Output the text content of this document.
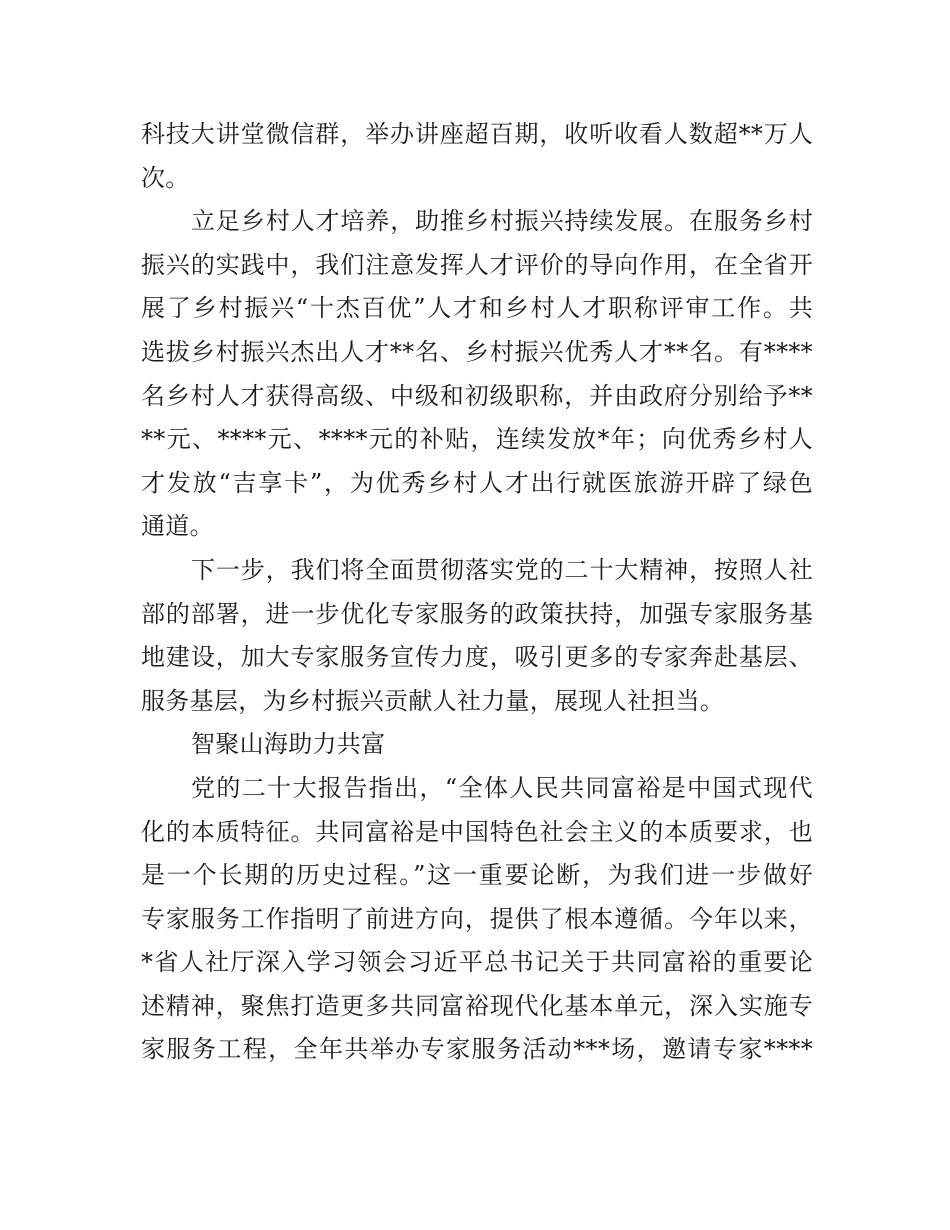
科技大讲堂微信群，举办讲座超百期，收听收看人数超**万人
次。
立足乡村人才培养，助推乡村振兴持续发展。在服务乡村
振兴的实践中，我们注意发挥人才评价的导向作用，在全省开
展了乡村振兴“十杰百优”人才和乡村人才职称评审工作。共
选拔乡村振兴杰出人才**名、乡村振兴优秀人才**名。有****
名乡村人才获得高级、中级和初级职称，并由政府分别给予**
**元、****元、****元的补贴，连续发放*年；向优秀乡村人
才发放“吉享卡”，为优秀乡村人才出行就医旅游开辟了绿色
通道。
下一步，我们将全面贯彻落实党的二十大精神，按照人社
部的部署，进一步优化专家服务的政策扶持，加强专家服务基
地建设，加大专家服务宣传力度，吸引更多的专家奔赴基层、
服务基层，为乡村振兴贡献人社力量，展现人社担当。
智聚山海助力共富
党的二十大报告指出，“全体人民共同富裕是中国式现代
化的本质特征。共同富裕是中国特色社会主义的本质要求，也
是一个长期的历史过程。”这一重要论断，为我们进一步做好
专家服务工作指明了前进方向，提供了根本遵循。今年以来，
*省人社厅深入学习领会习近平总书记关于共同富裕的重要论
述精神，聚焦打造更多共同富裕现代化基本单元，深入实施专
家服务工程，全年共举办专家服务活动***场，邀请专家****
